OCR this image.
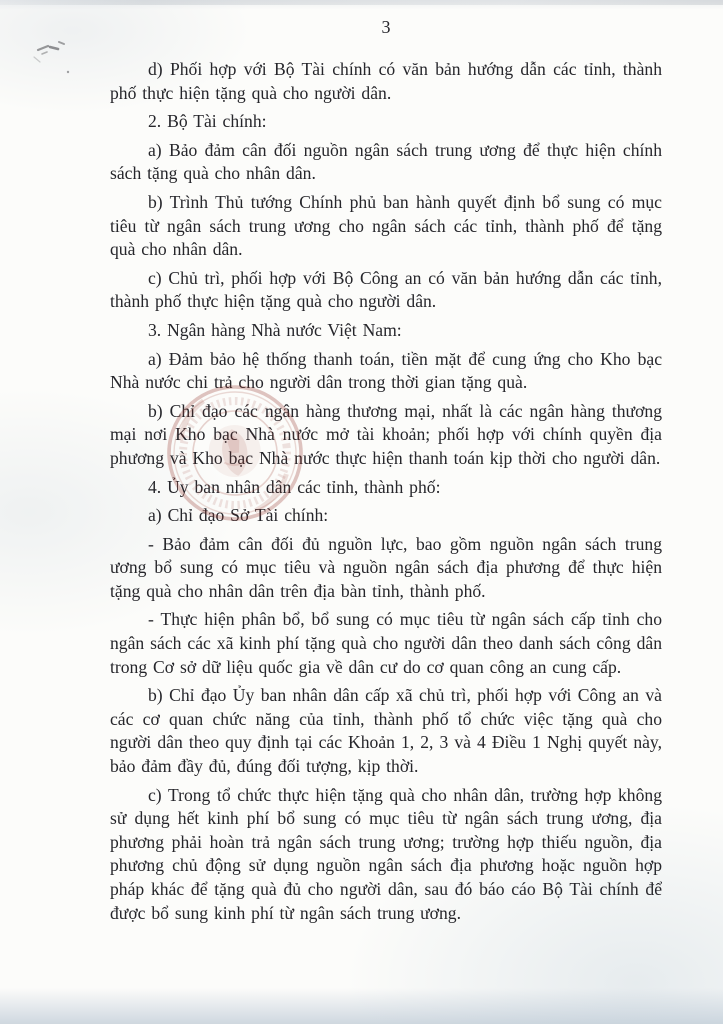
3

d) Phối hợp với Bộ Tài chính có văn bản hướng dẫn các tỉnh, thành phố thực hiện tặng quà cho người dân.

2. Bộ Tài chính:

a) Bảo đảm cân đối nguồn ngân sách trung ương để thực hiện chính sách tặng quà cho nhân dân.

b) Trình Thủ tướng Chính phủ ban hành quyết định bổ sung có mục tiêu từ ngân sách trung ương cho ngân sách các tỉnh, thành phố để tặng quà cho nhân dân.

c) Chủ trì, phối hợp với Bộ Công an có văn bản hướng dẫn các tỉnh, thành phố thực hiện tặng quà cho người dân.

3. Ngân hàng Nhà nước Việt Nam:

a) Đảm bảo hệ thống thanh toán, tiền mặt để cung ứng cho Kho bạc Nhà nước chi trả cho người dân trong thời gian tặng quà.

b) Chỉ đạo các ngân hàng thương mại, nhất là các ngân hàng thương mại nơi Kho bạc Nhà nước mở tài khoản; phối hợp với chính quyền địa phương và Kho bạc Nhà nước thực hiện thanh toán kịp thời cho người dân.

4. Ủy ban nhân dân các tỉnh, thành phố:

a) Chỉ đạo Sở Tài chính:

- Bảo đảm cân đối đủ nguồn lực, bao gồm nguồn ngân sách trung ương bổ sung có mục tiêu và nguồn ngân sách địa phương để thực hiện tặng quà cho nhân dân trên địa bàn tỉnh, thành phố.

- Thực hiện phân bổ, bổ sung có mục tiêu từ ngân sách cấp tỉnh cho ngân sách các xã kinh phí tặng quà cho người dân theo danh sách công dân trong Cơ sở dữ liệu quốc gia về dân cư do cơ quan công an cung cấp.

b) Chỉ đạo Ủy ban nhân dân cấp xã chủ trì, phối hợp với Công an và các cơ quan chức năng của tỉnh, thành phố tổ chức việc tặng quà cho người dân theo quy định tại các Khoản 1, 2, 3 và 4 Điều 1 Nghị quyết này, bảo đảm đầy đủ, đúng đối tượng, kịp thời.

c) Trong tổ chức thực hiện tặng quà cho nhân dân, trường hợp không sử dụng hết kinh phí bổ sung có mục tiêu từ ngân sách trung ương, địa phương phải hoàn trả ngân sách trung ương; trường hợp thiếu nguồn, địa phương chủ động sử dụng nguồn ngân sách địa phương hoặc nguồn hợp pháp khác để tặng quà đủ cho người dân, sau đó báo cáo Bộ Tài chính để được bổ sung kinh phí từ ngân sách trung ương.
